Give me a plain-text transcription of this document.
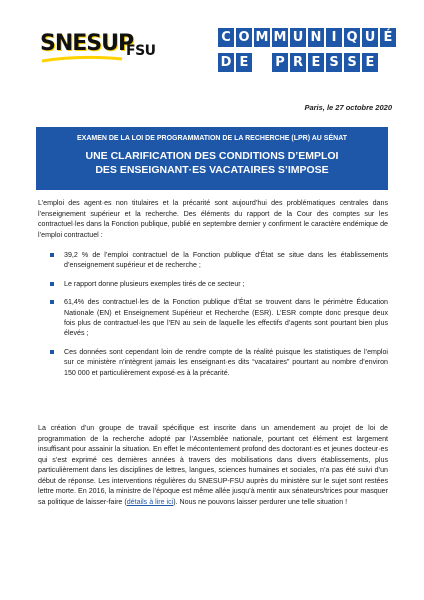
SNESUP
FSU
C O M M U N I Q U É
D E P R E S S E
Paris, le 27 octobre 2020
EXAMEN DE LA LOI DE PROGRAMMATION DE LA RECHERCHE (LPR) AU SÉNAT
UNE CLARIFICATION DES CONDITIONS D’EMPLOI
DES ENSEIGNANT·ES VACATAIRES S’IMPOSE

L’emploi des agent·es non titulaires et la précarité sont aujourd’hui des problématiques centrales dans l’enseignement supérieur et la recherche. Des éléments du rapport de la Cour des comptes sur les contractuel·les dans la Fonction publique, publié en septembre dernier y confirment le caractère endémique de l’emploi contractuel :

39,2 % de l’emploi contractuel de la Fonction publique d’État se situe dans les établissements d’enseignement supérieur et de recherche ;
Le rapport donne plusieurs exemples tirés de ce secteur ;
61,4% des contractuel·les de la Fonction publique d’État se trouvent dans le périmètre Éducation Nationale (EN) et Enseignement Supérieur et Recherche (ESR). L’ESR compte donc presque deux fois plus de contractuel·les que l’EN au sein de laquelle les effectifs d’agents sont pourtant bien plus élevés ;
Ces données sont cependant loin de rendre compte de la réalité puisque les statistiques de l’emploi sur ce ministère n’intègrent jamais les enseignant·es dits “vacataires” pourtant au nombre d’environ 150 000 et particulièrement exposé·es à la précarité.

La création d’un groupe de travail spécifique est inscrite dans un amendement au projet de loi de programmation de la recherche adopté par l’Assemblée nationale, pourtant cet élément est largement insuffisant pour assainir la situation. En effet le mécontentement profond des doctorant·es et jeunes docteur·es qui s’est exprimé ces dernières années à travers des mobilisations dans divers établissements, plus particulièrement dans les disciplines de lettres, langues, sciences humaines et sociales, n’a pas été suivi d’un début de réponse. Les interventions régulières du SNESUP-FSU auprès du ministère sur le sujet sont restées lettre morte. En 2016, la ministre de l’époque est même allée jusqu’à mentir aux sénateurs/trices pour masquer sa politique de laisser-faire (détails à lire ici). Nous ne pouvons laisser perdurer une telle situation !
